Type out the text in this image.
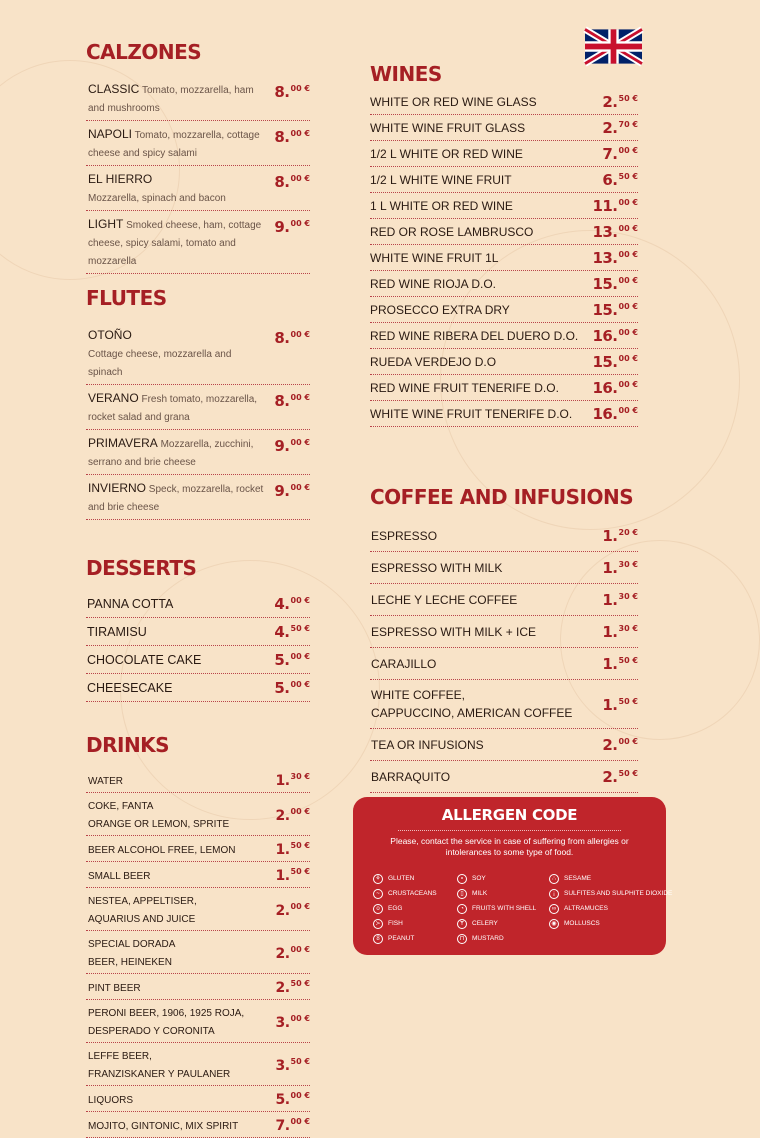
CALZONES
CLASSIC Tomato, mozzarella, ham and mushrooms
8.$^{00 €}$
NAPOLI Tomato, mozzarella, cottage cheese and spicy salami
8.$^{00 €}$
EL HIERRO
Mozzarella, spinach and bacon
8.$^{00 €}$
LIGHT Smoked cheese, ham, cottage cheese, spicy salami, tomato and mozzarella
9.$^{00 €}$
FLUTES
OTOÑO
Cottage cheese, mozzarella and spinach
8.$^{00 €}$
VERANO Fresh tomato, mozzarella, rocket salad and grana
8.$^{00 €}$
PRIMAVERA Mozzarella, zucchini, serrano and brie cheese
9.$^{00 €}$
INVIERNO Speck, mozzarella, rocket and brie cheese
9.$^{00 €}$
DESSERTS
PANNA COTTA	4.$^{00 €}$
TIRAMISU	4.$^{50 €}$
CHOCOLATE CAKE	5.$^{00 €}$
CHEESECAKE	5.$^{00 €}$
DRINKS
WATER	1.$^{30 €}$
COKE, FANTA
ORANGE OR LEMON, SPRITE
2.$^{00 €}$
BEER ALCOHOL FREE, LEMON	1.$^{50 €}$
SMALL BEER	1.$^{50 €}$
NESTEA, APPELTISER,
AQUARIUS AND JUICE
2.$^{00 €}$
SPECIAL DORADA
BEER, HEINEKEN
2.$^{00 €}$
PINT BEER	2.$^{50 €}$
PERONI BEER, 1906, 1925 ROJA,
DESPERADO Y CORONITA
3.$^{00 €}$
LEFFE BEER,
FRANZISKANER Y PAULANER
3.$^{50 €}$
LIQUORS	5.$^{00 €}$
MOJITO, GINTONIC, MIX SPIRIT	7.$^{00 €}$
WINES
WHITE OR RED WINE GLASS	2.$^{50 €}$
WHITE WINE FRUIT GLASS	2.$^{70 €}$
1/2 L WHITE OR RED WINE	7.$^{00 €}$
1/2 L WHITE WINE FRUIT	6.$^{50 €}$
1 L WHITE OR RED WINE	11.$^{00 €}$
RED OR ROSE LAMBRUSCO	13.$^{00 €}$
WHITE WINE FRUIT 1L	13.$^{00 €}$
RED WINE RIOJA D.O.	15.$^{00 €}$
PROSECCO EXTRA DRY	15.$^{00 €}$
RED WINE RIBERA DEL DUERO D.O. 16.$^{00 €}$
RUEDA VERDEJO D.O	15.$^{00 €}$
RED WINE FRUIT TENERIFE D.O.	16.$^{00 €}$
WHITE WINE FRUIT TENERIFE D.O.	16.$^{00 €}$
COFFEE AND INFUSIONS
ESPRESSO	1.$^{20 €}$
ESPRESSO WITH MILK	1.$^{30 €}$
LECHE Y LECHE COFFEE	1.$^{30 €}$
ESPRESSO WITH MILK + ICE	1.$^{30 €}$
CARAJILLO	1.$^{50 €}$
WHITE COFFEE,
CAPPUCCINO, AMERICAN COFFEE	1.$^{50 €}$
TEA OR INFUSIONS	2.$^{00 €}$
BARRAQUITO	2.$^{50 €}$
ALLERGEN CODE
Please, contact the service in case of suffering from allergies or intolerances to some type of food.
⚘	GLUTEN
~	CRUSTACEANS
o	EGG
≻	FISH
8	PEANUT
∘	SOY
▯	MILK
◔	FRUITS WITH SHELL
Ɏ	CELERY
⊓	MUSTARD
∴	SESAME
¡	SULFITES AND SULPHITE DIOXIDE
∞	ALTRAMUCES
◉	MOLLUSCS
